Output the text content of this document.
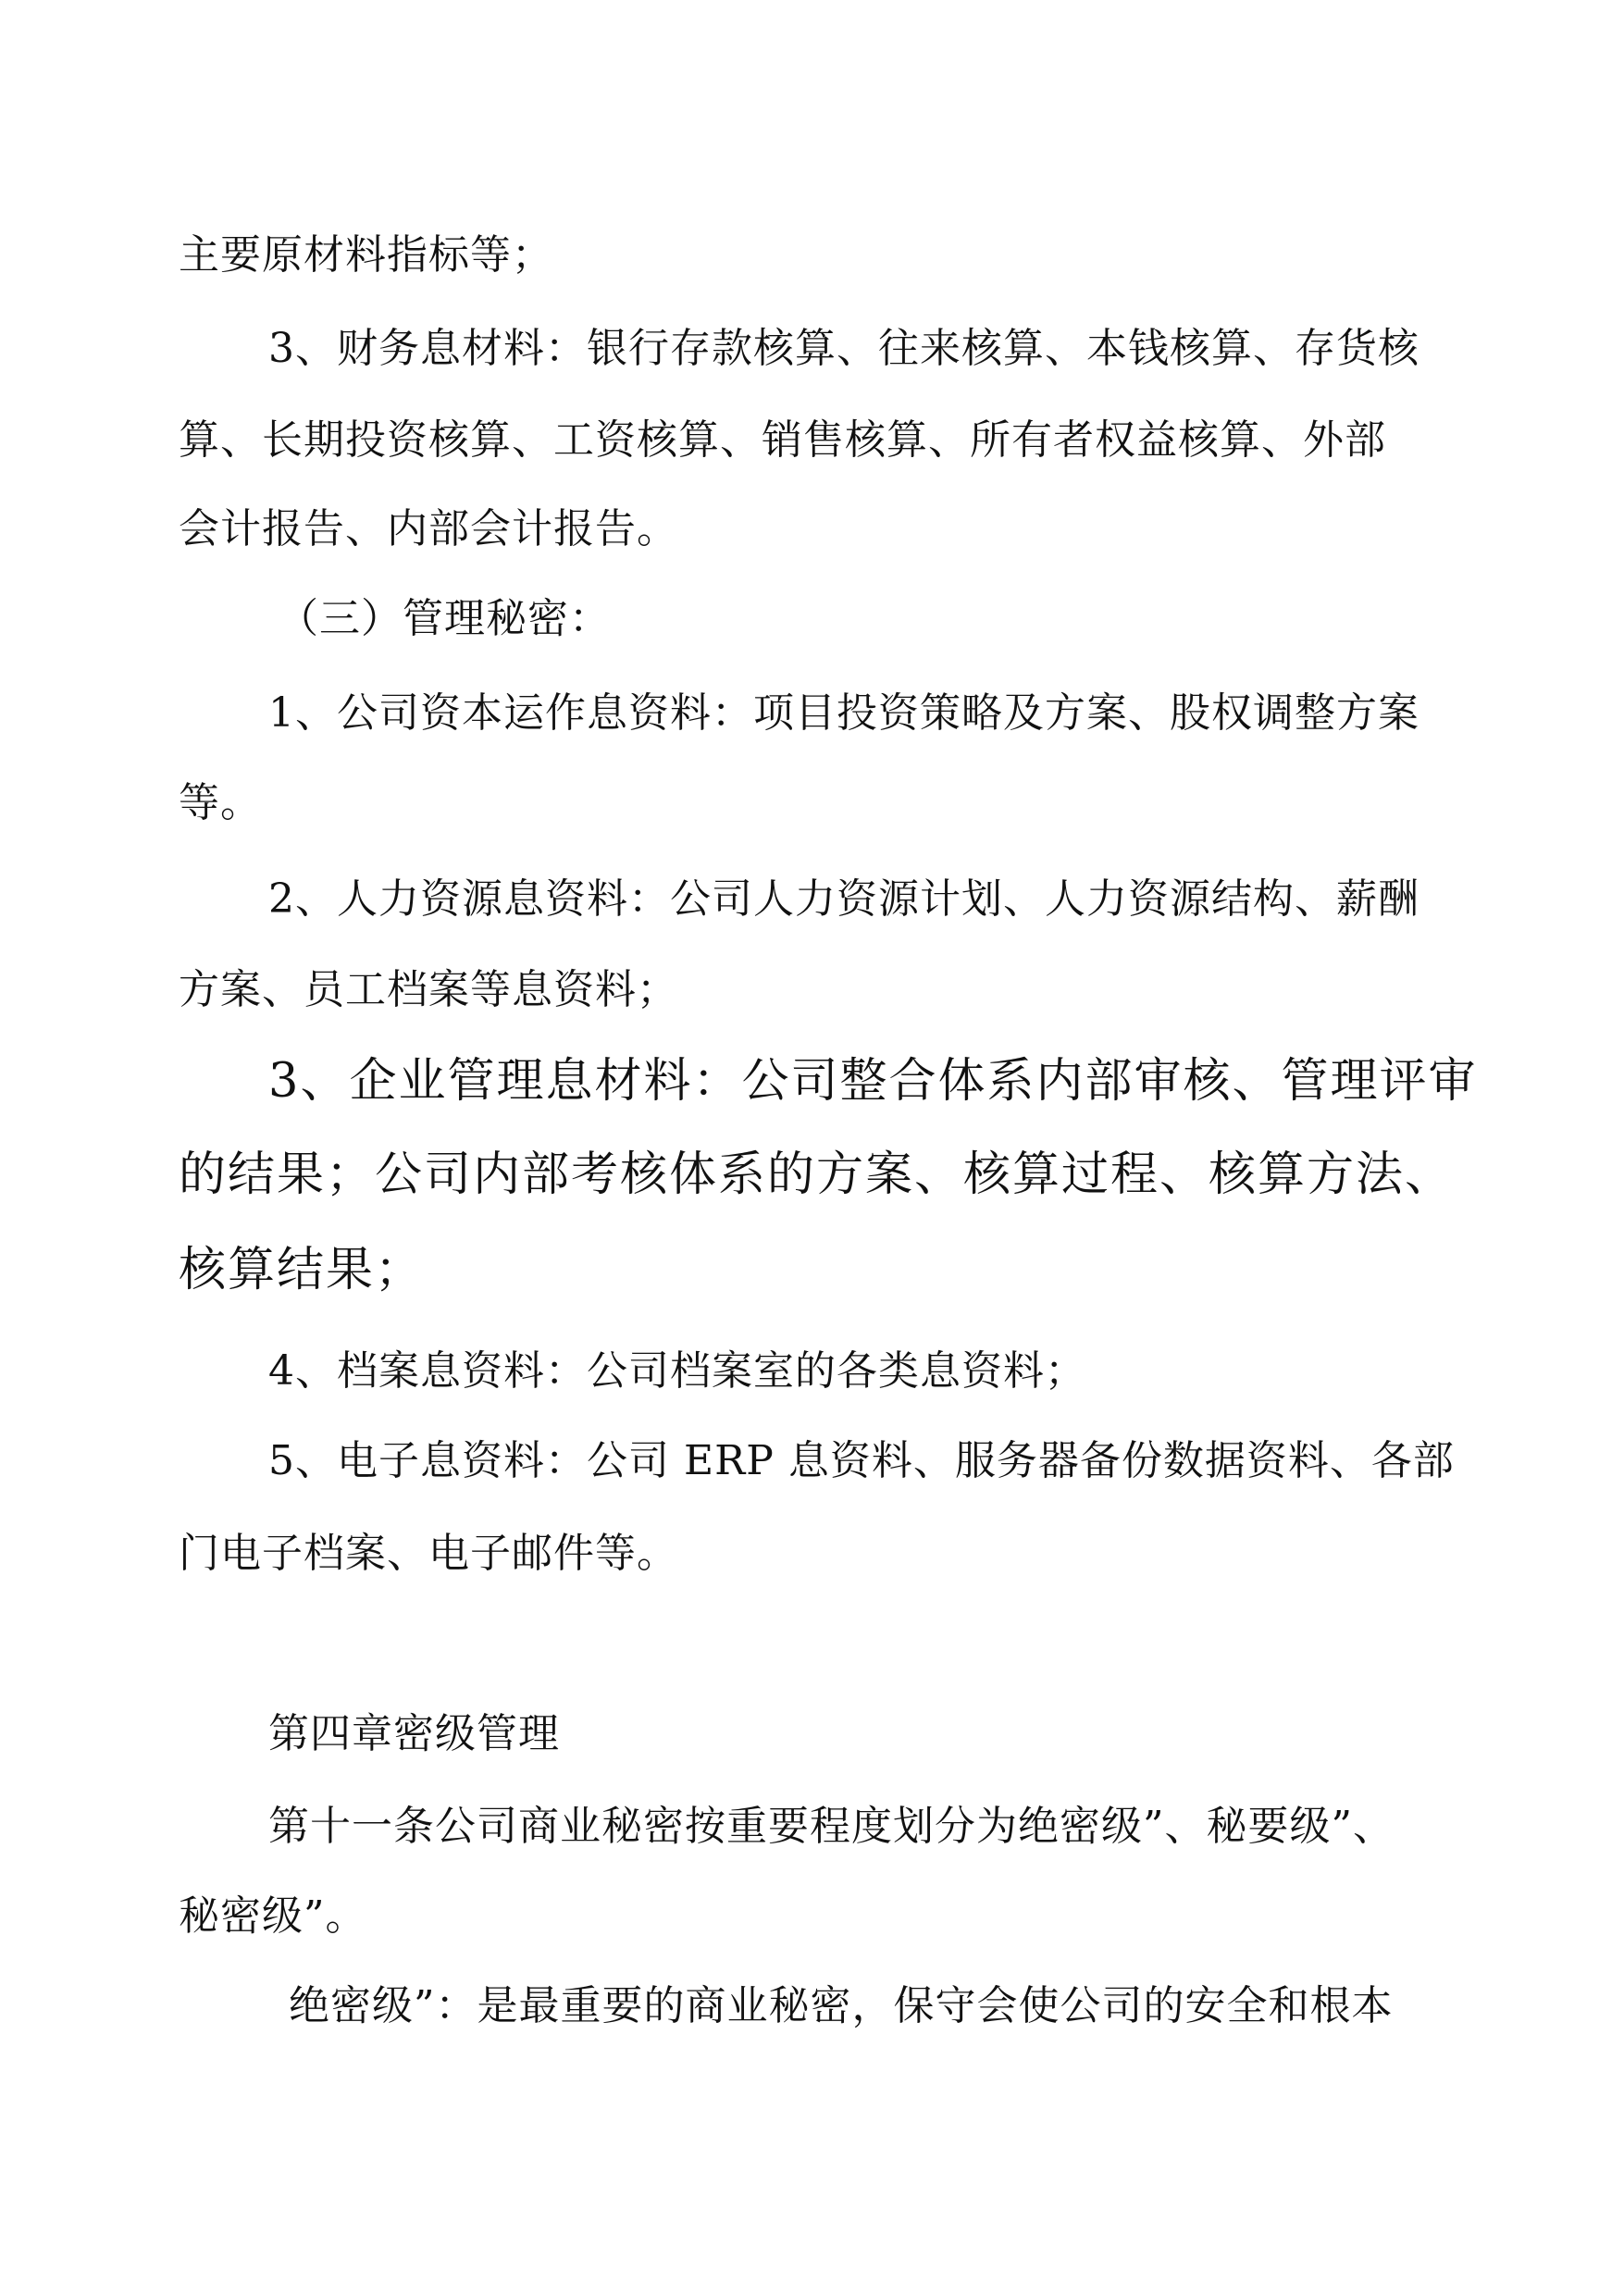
主要原材料指标等；
3、财务息材料：银行存款核算、往来核算、本钱核算、存货核
算、长期投资核算、工资核算、销售核算、所有者权益核算、外部
会计报告、内部会计报告。
（三）管理秘密：
1、公司资本运作息资料：项目投资策略及方案、股权调整方案
等。
2、人力资源息资料：公司人力资源计划、人力资源结构、薪酬
方案、员工档案等息资料；
3、企业管理息材料：公司整合体系内部审核、管理评审
的结果；公司内部考核体系的方案、核算过程、核算方法、
核算结果；
4、档案息资料：公司档案室的各类息资料；
5、电子息资料：公司 ERP 息资料、服务器备份数据资料、各部
门电子档案、电子邮件等。
第四章密级管理
第十一条公司商业秘密按重要程度划分为绝密级”、秘要级”、
秘密级”。
绝密级”：是最重要的商业秘密，保守会使公司的安全和根本
